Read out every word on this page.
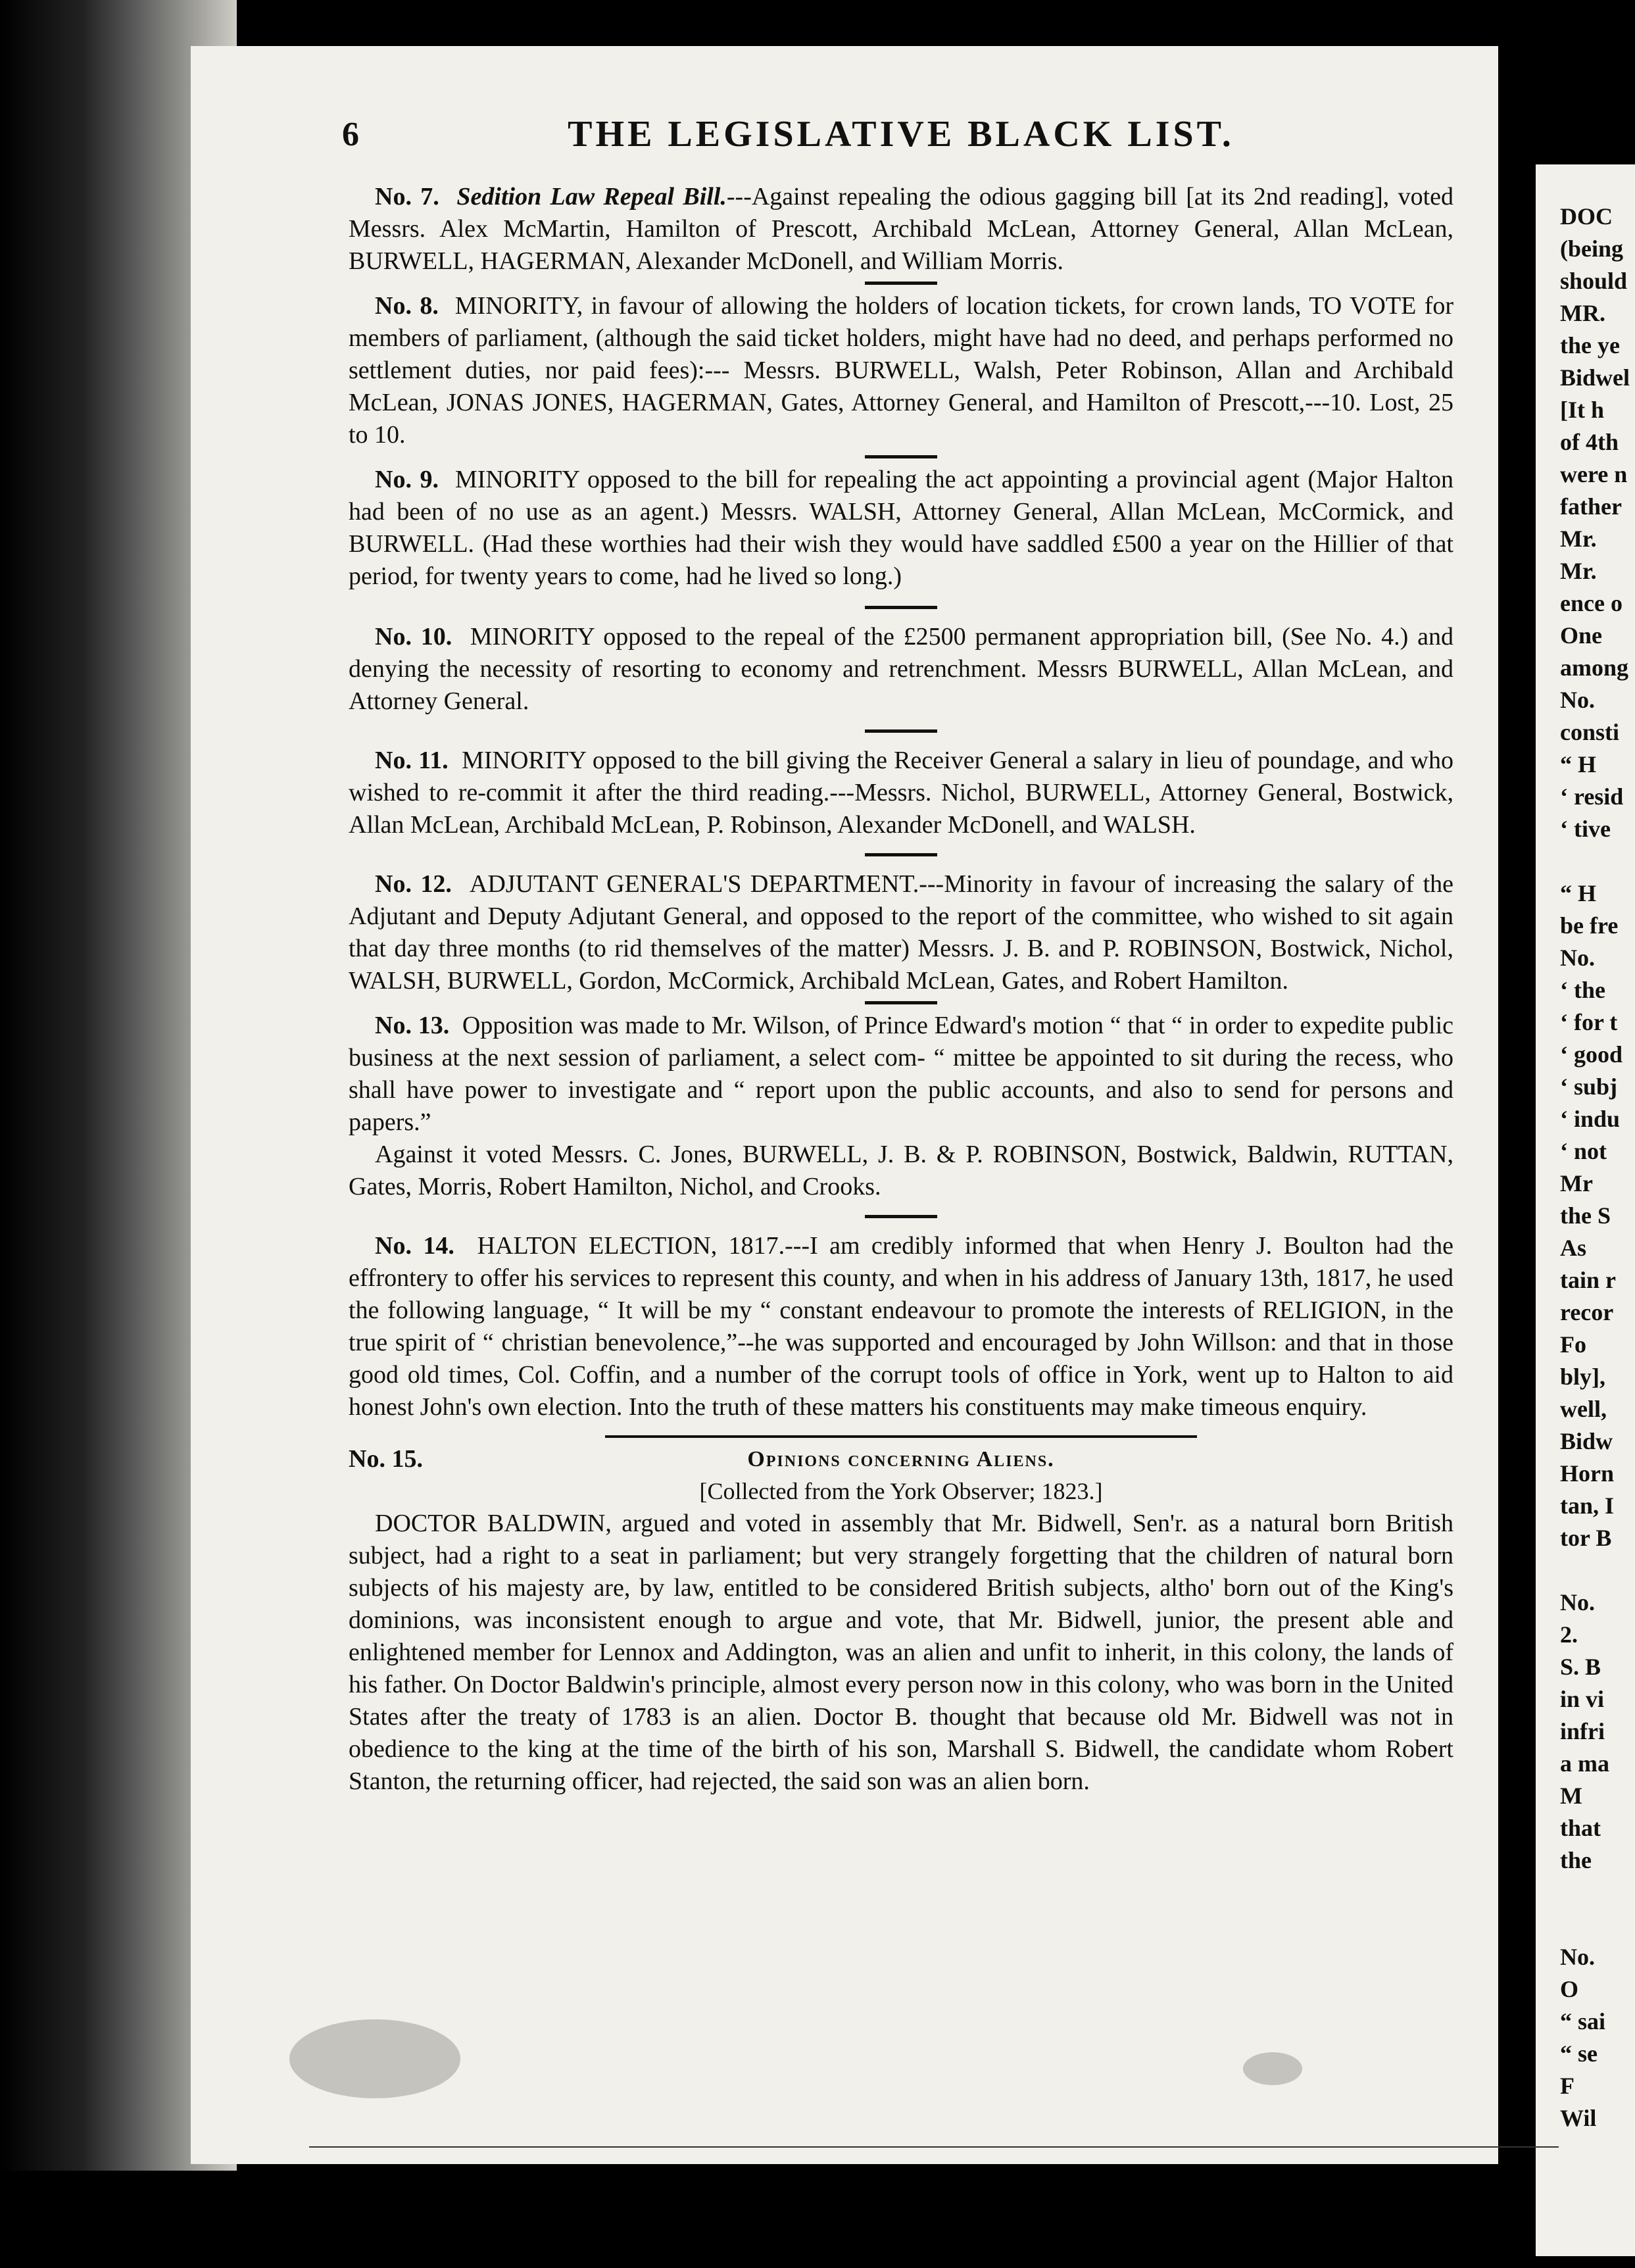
6	THE LEGISLATIVE BLACK LIST.

No. 7. Sedition Law Repeal Bill.---Against repealing the odious gagging bill [at its 2nd reading], voted Messrs. Alex McMartin, Hamilton of Prescott, Archibald McLean, Attorney General, Allan McLean, BURWELL, HAGERMAN, Alexander McDonell, and William Morris.

No. 8. MINORITY, in favour of allowing the holders of location tickets, for crown lands, TO VOTE for members of parliament, (although the said ticket holders, might have had no deed, and perhaps performed no settlement duties, nor paid fees):--- Messrs. BURWELL, Walsh, Peter Robinson, Allan and Archibald McLean, JONAS JONES, HAGERMAN, Gates, Attorney General, and Hamilton of Prescott,---10. Lost, 25 to 10.

No. 9. MINORITY opposed to the bill for repealing the act appointing a provincial agent (Major Halton had been of no use as an agent.) Messrs. WALSH, Attorney General, Allan McLean, McCormick, and BURWELL. (Had these worthies had their wish they would have saddled £500 a year on the Hillier of that period, for twenty years to come, had he lived so long.)

No. 10. MINORITY opposed to the repeal of the £2500 permanent appropriation bill, (See No. 4.) and denying the necessity of resorting to economy and retrenchment. Messrs BURWELL, Allan McLean, and Attorney General.

No. 11. MINORITY opposed to the bill giving the Receiver General a salary in lieu of poundage, and who wished to re-commit it after the third reading.---Messrs. Nichol, BURWELL, Attorney General, Bostwick, Allan McLean, Archibald McLean, P. Robinson, Alexander McDonell, and WALSH.

No. 12. ADJUTANT GENERAL'S DEPARTMENT.---Minority in favour of increasing the salary of the Adjutant and Deputy Adjutant General, and opposed to the report of the committee, who wished to sit again that day three months (to rid themselves of the matter) Messrs. J. B. and P. ROBINSON, Bostwick, Nichol, WALSH, BURWELL, Gordon, McCormick, Archibald McLean, Gates, and Robert Hamilton.

No. 13. Opposition was made to Mr. Wilson, of Prince Edward's motion “ that “ in order to expedite public business at the next session of parliament, a select com- “ mittee be appointed to sit during the recess, who shall have power to investigate and “ report upon the public accounts, and also to send for persons and papers.”

Against it voted Messrs. C. Jones, BURWELL, J. B. & P. ROBINSON, Bostwick, Baldwin, RUTTAN, Gates, Morris, Robert Hamilton, Nichol, and Crooks.

No. 14. HALTON ELECTION, 1817.---I am credibly informed that when Henry J. Boulton had the effrontery to offer his services to represent this county, and when in his address of January 13th, 1817, he used the following language, “ It will be my “ constant endeavour to promote the interests of RELIGION, in the true spirit of “ christian benevolence,”--he was supported and encouraged by John Willson: and that in those good old times, Col. Coffin, and a number of the corrupt tools of office in York, went up to Halton to aid honest John's own election. Into the truth of these matters his constituents may make timeous enquiry.

No. 15.	Opinions concerning Aliens.
[Collected from the York Observer; 1823.]

DOCTOR BALDWIN, argued and voted in assembly that Mr. Bidwell, Sen'r. as a natural born British subject, had a right to a seat in parliament; but very strangely forgetting that the children of natural born subjects of his majesty are, by law, entitled to be considered British subjects, altho' born out of the King's dominions, was inconsistent enough to argue and vote, that Mr. Bidwell, junior, the present able and enlightened member for Lennox and Addington, was an alien and unfit to inherit, in this colony, the lands of his father. On Doctor Baldwin's principle, almost every person now in this colony, who was born in the United States after the treaty of 1783 is an alien. Doctor B. thought that because old Mr. Bidwell was not in obedience to the king at the time of the birth of his son, Marshall S. Bidwell, the candidate whom Robert Stanton, the returning officer, had rejected, the said son was an alien born.

DOC
(being
should
MR.
the ye
Bidwel
[It h
of 4th
were n
father
Mr.
Mr.
ence o
One
among
No.
consti
“ H
‘ resid
‘ tive
“ H
be fre
No.
‘ the
‘ for t
‘ good
‘ subj
‘ indu
‘ not
Mr
the S
As
tain r
recor
Fo
bly],
well,
Bidw
Horn
tan, I
tor B
No.
2.
S. B
in vi
infri
a ma
M
that
the
No.
O
“ sai
“ se
F
Wil
